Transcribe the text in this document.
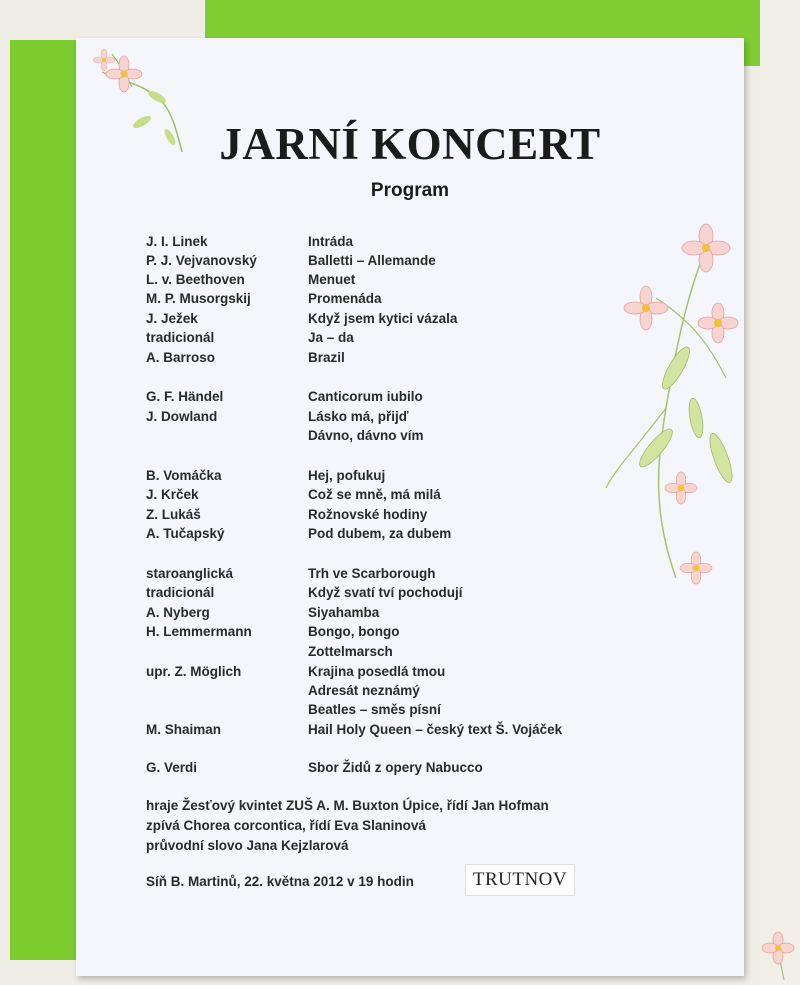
JARNÍ KONCERT
Program
J. I. Linek	Intráda
P. J. Vejvanovský	Balletti – Allemande
L. v. Beethoven	Menuet
M. P. Musorgskij	Promenáda
J. Ježek	Když jsem kytici vázala
tradicionál	Ja – da
A. Barroso	Brazil
G. F. Händel	Canticorum iubilo
J. Dowland	Lásko má, přijď
Dávno, dávno vím
B. Vomáčka	Hej, pofukuj
J. Krček	Což se mně, má milá
Z. Lukáš	Rožnovské hodiny
A. Tučapský	Pod dubem, za dubem
staroanglická	Trh ve Scarborough
tradicionál	Když svatí tví pochodují
A. Nyberg	Siyahamba
H. Lemmermann	Bongo, bongo
Zottelmarsch
upr. Z. Möglich	Krajina posedlá tmou
Adresát neznámý
Beatles – směs písní
M. Shaiman	Hail Holy Queen – český text Š. Vojáček
G. Verdi	Sbor Židů z opery Nabucco
hraje Žesťový kvintet ZUŠ A. M. Buxton Úpice, řídí Jan Hofman
zpívá Chorea corcontica, řídí Eva Slaninová
průvodní slovo Jana Kejzlarová
Síň B. Martinů, 22. května 2012 v 19 hodin	TRUTNOV
